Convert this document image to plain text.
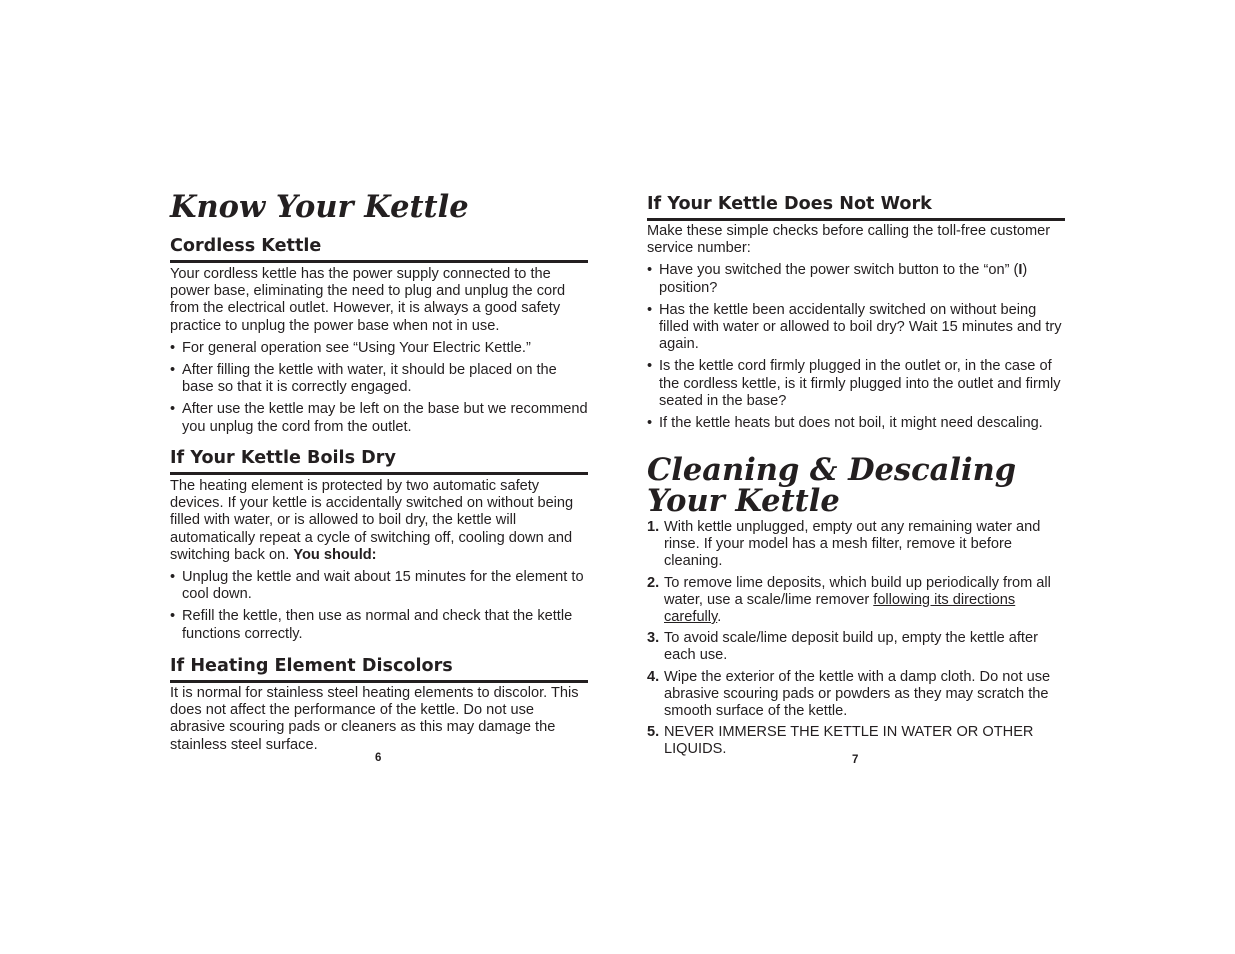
Know Your Kettle
Cordless Kettle

Your cordless kettle has the power supply connected to the power base, eliminating the need to plug and unplug the cord from the electrical outlet. However, it is always a good safety practice to unplug the power base when not in use.

• For general operation see “Using Your Electric Kettle.”

• After filling the kettle with water, it should be placed on the base so that it is correctly engaged.

• After use the kettle may be left on the base but we recommend you unplug the cord from the outlet.

If Your Kettle Boils Dry

The heating element is protected by two automatic safety devices. If your kettle is accidentally switched on without being filled with water, or is allowed to boil dry, the kettle will automatically repeat a cycle of switching off, cooling down and switching back on. You should:

• Unplug the kettle and wait about 15 minutes for the element to cool down.

• Refill the kettle, then use as normal and check that the kettle functions correctly.

If Heating Element Discolors

It is normal for stainless steel heating elements to discolor. This does not affect the performance of the kettle. Do not use abrasive scouring pads or cleaners as this may damage the stainless steel surface.

6
If Your Kettle Does Not Work

Make these simple checks before calling the toll-free customer service number:

• Have you switched the power switch button to the “on” (I) position?

• Has the kettle been accidentally switched on without being filled with water or allowed to boil dry? Wait 15 minutes and try again.

• Is the kettle cord firmly plugged in the outlet or, in the case of the cordless kettle, is it firmly plugged into the outlet and firmly seated in the base?

• If the kettle heats but does not boil, it might need descaling.

Cleaning & Descaling
Your Kettle

1. With kettle unplugged, empty out any remaining water and rinse. If your model has a mesh filter, remove it before cleaning.

2. To remove lime deposits, which build up periodically from all water, use a scale/lime remover following its directions carefully.

3. To avoid scale/lime deposit build up, empty the kettle after each use.

4. Wipe the exterior of the kettle with a damp cloth. Do not use abrasive scouring pads or powders as they may scratch the smooth surface of the kettle.

5. NEVER IMMERSE THE KETTLE IN WATER OR OTHER LIQUIDS.

7
